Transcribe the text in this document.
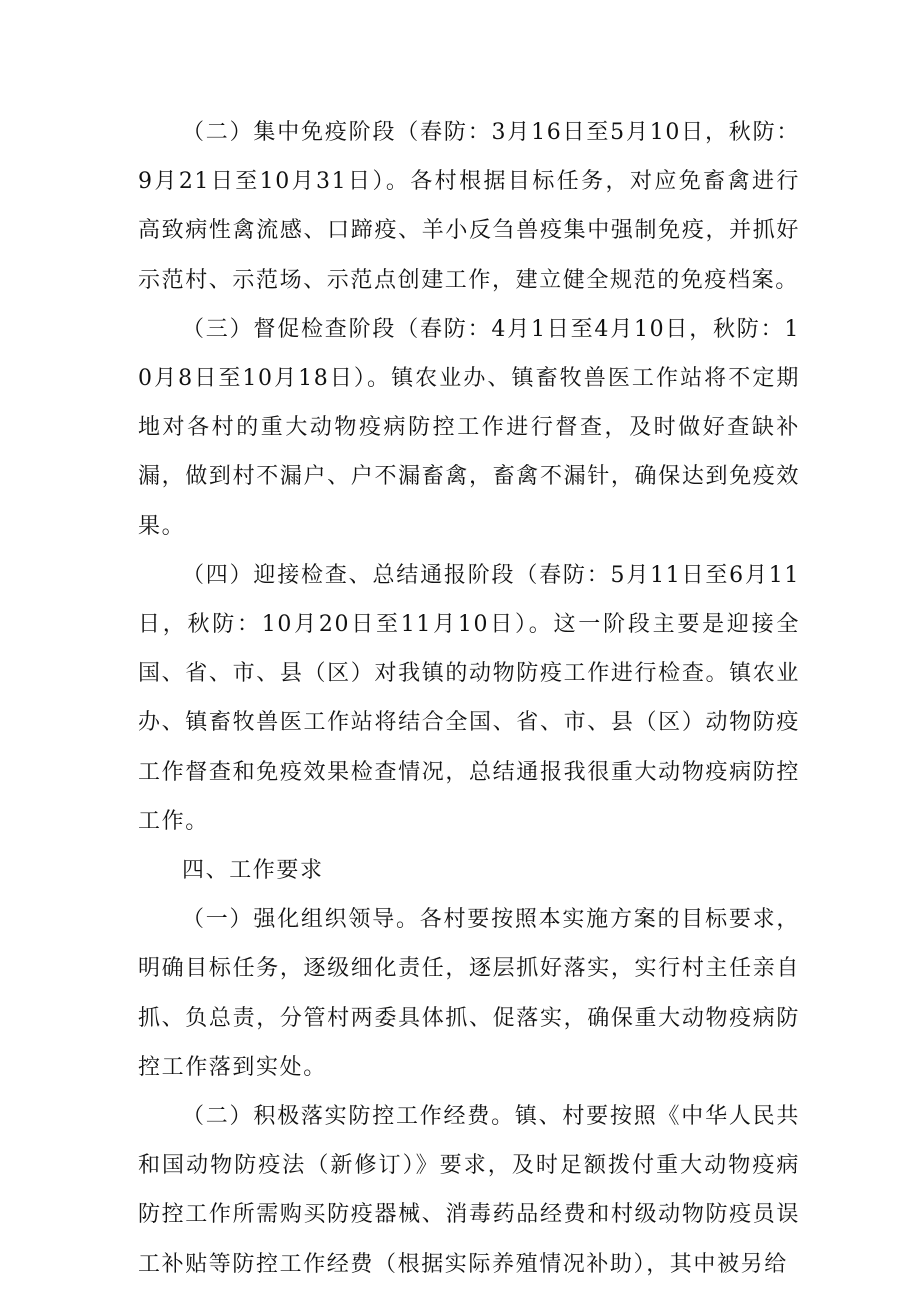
（二）集中免疫阶段（春防：3月16日至5月10日，秋防：9月21日至10月31日）。各村根据目标任务，对应免畜禽进行高致病性禽流感、口蹄疫、羊小反刍兽疫集中强制免疫，并抓好示范村、示范场、示范点创建工作，建立健全规范的免疫档案。

（三）督促检查阶段（春防：4月1日至4月10日，秋防：10月8日至10月18日）。镇农业办、镇畜牧兽医工作站将不定期地对各村的重大动物疫病防控工作进行督查，及时做好查缺补漏，做到村不漏户、户不漏畜禽，畜禽不漏针，确保达到免疫效果。

（四）迎接检查、总结通报阶段（春防：5月11日至6月11日，秋防：10月20日至11月10日）。这一阶段主要是迎接全国、省、市、县（区）对我镇的动物防疫工作进行检查。镇农业办、镇畜牧兽医工作站将结合全国、省、市、县（区）动物防疫工作督查和免疫效果检查情况，总结通报我很重大动物疫病防控工作。

四、工作要求

（一）强化组织领导。各村要按照本实施方案的目标要求，明确目标任务，逐级细化责任，逐层抓好落实，实行村主任亲自抓、负总责，分管村两委具体抓、促落实，确保重大动物疫病防控工作落到实处。

（二）积极落实防控工作经费。镇、村要按照《中华人民共和国动物防疫法（新修订）》要求，及时足额拨付重大动物疫病防控工作所需购买防疫器械、消毒药品经费和村级动物防疫员误工补贴等防控工作经费（根据实际养殖情况补助），其中被另给
